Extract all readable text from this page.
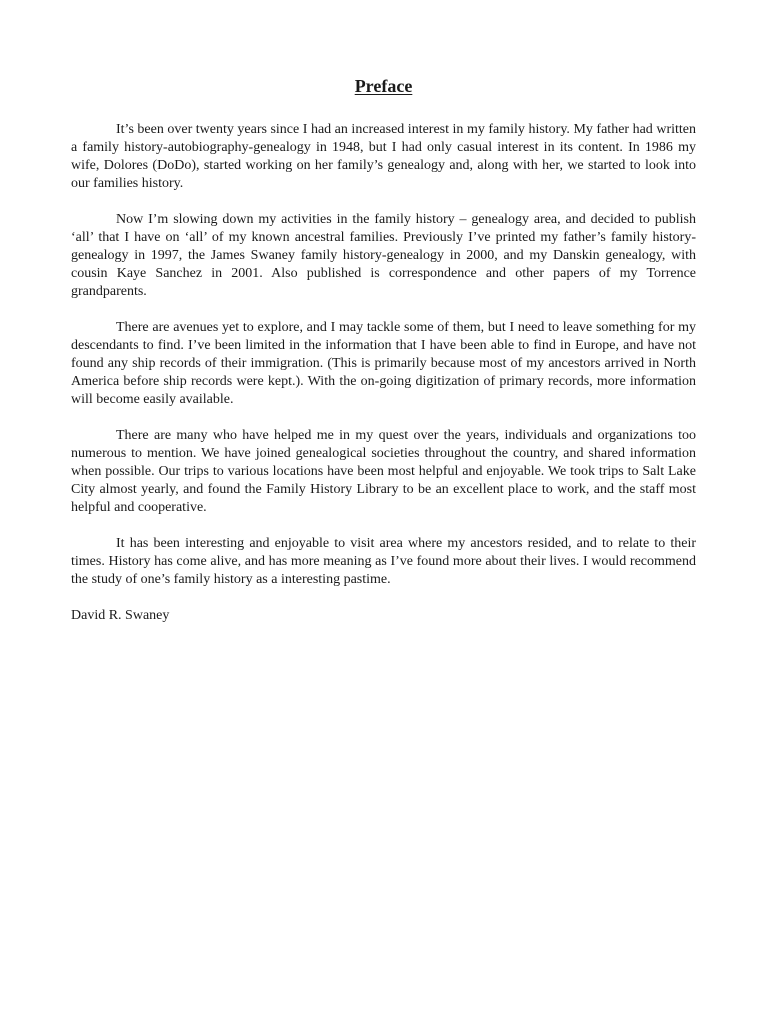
Preface

It’s been over twenty years since I had an increased interest in my family history. My father had written a family history-autobiography-genealogy in 1948, but I had only casual interest in its content. In 1986 my wife, Dolores (DoDo), started working on her family’s genealogy and, along with her, we started to look into our families history.

Now I’m slowing down my activities in the family history – genealogy area, and decided to publish ‘all’ that I have on ‘all’ of my known ancestral families. Previously I’ve printed my father’s family history-genealogy in 1997, the James Swaney family history-genealogy in 2000, and my Danskin genealogy, with cousin Kaye Sanchez in 2001. Also published is correspondence and other papers of my Torrence grandparents.

There are avenues yet to explore, and I may tackle some of them, but I need to leave something for my descendants to find. I’ve been limited in the information that I have been able to find in Europe, and have not found any ship records of their immigration. (This is primarily because most of my ancestors arrived in North America before ship records were kept.). With the on-going digitization of primary records, more information will become easily available.

There are many who have helped me in my quest over the years, individuals and organizations too numerous to mention. We have joined genealogical societies throughout the country, and shared information when possible. Our trips to various locations have been most helpful and enjoyable. We took trips to Salt Lake City almost yearly, and found the Family History Library to be an excellent place to work, and the staff most helpful and cooperative.

It has been interesting and enjoyable to visit area where my ancestors resided, and to relate to their times. History has come alive, and has more meaning as I’ve found more about their lives. I would recommend the study of one’s family history as a interesting pastime.

David R. Swaney
